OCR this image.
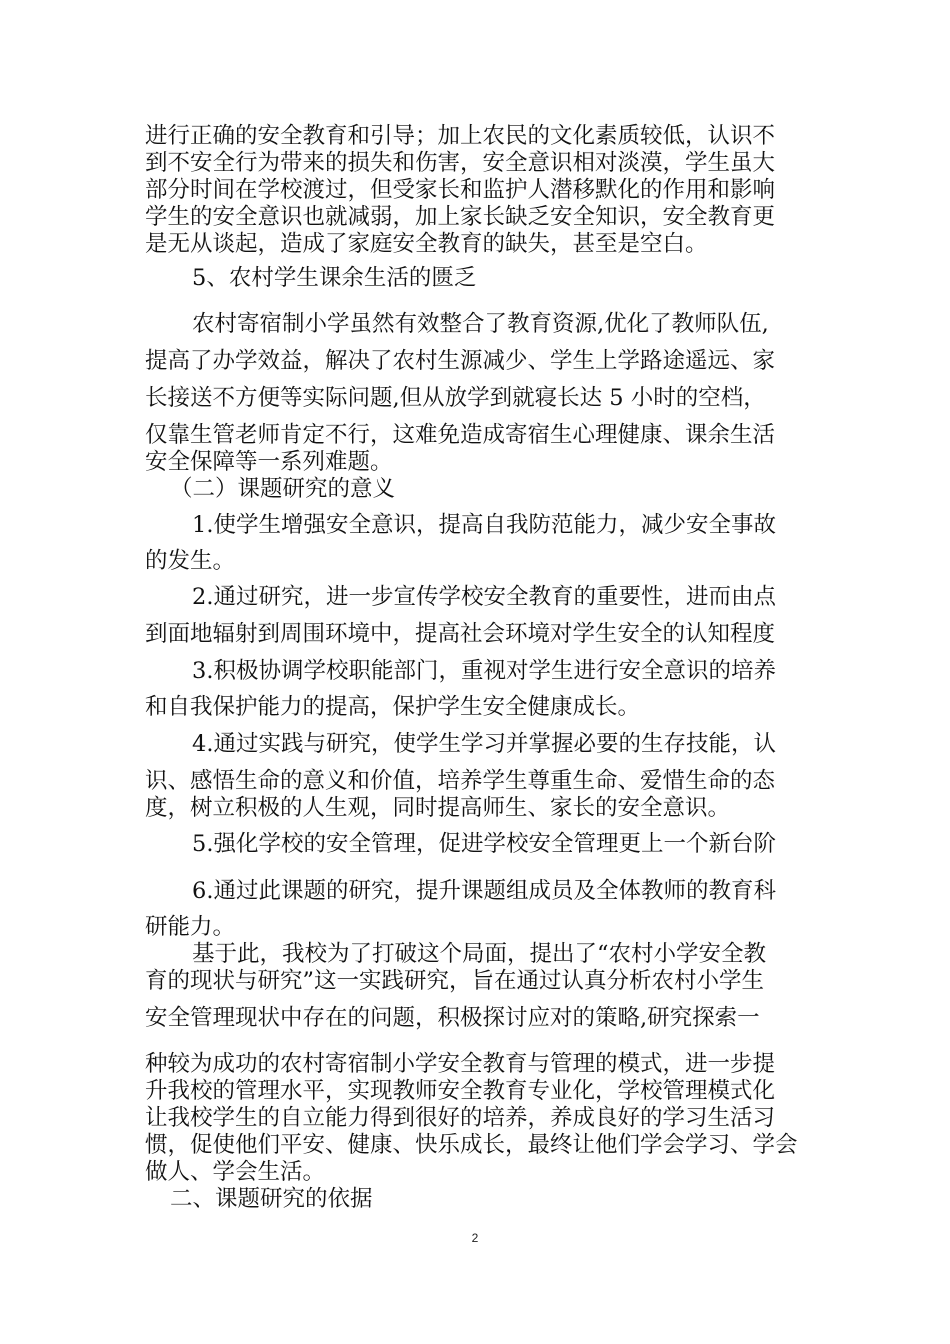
进行正确的安全教育和引导；加上农民的文化素质较低，认识不
到不安全行为带来的损失和伤害，安全意识相对淡漠，学生虽大
部分时间在学校渡过，但受家长和监护人潜移默化的作用和影响
学生的安全意识也就减弱，加上家长缺乏安全知识，安全教育更
是无从谈起，造成了家庭安全教育的缺失，甚至是空白。
5、农村学生课余生活的匮乏
农村寄宿制小学虽然有效整合了教育资源,优化了教师队伍,
提高了办学效益，解决了农村生源减少、学生上学路途遥远、家
长接送不方便等实际问题,但从放学到就寝长达 5 小时的空档，
仅靠生管老师肯定不行，这难免造成寄宿生心理健康、课余生活
安全保障等一系列难题。
（二）课题研究的意义
1.使学生增强安全意识，提高自我防范能力，减少安全事故
的发生。
2.通过研究，进一步宣传学校安全教育的重要性，进而由点
到面地辐射到周围环境中，提高社会环境对学生安全的认知程度
3.积极协调学校职能部门，重视对学生进行安全意识的培养
和自我保护能力的提高，保护学生安全健康成长。
4.通过实践与研究，使学生学习并掌握必要的生存技能，认
识、感悟生命的意义和价值，培养学生尊重生命、爱惜生命的态
度，树立积极的人生观，同时提高师生、家长的安全意识。
5.强化学校的安全管理，促进学校安全管理更上一个新台阶
6.通过此课题的研究，提升课题组成员及全体教师的教育科
研能力。
基于此，我校为了打破这个局面，提出了“农村小学安全教
育的现状与研究”这一实践研究，旨在通过认真分析农村小学生
安全管理现状中存在的问题，积极探讨应对的策略,研究探索一
种较为成功的农村寄宿制小学安全教育与管理的模式，进一步提
升我校的管理水平，实现教师安全教育专业化，学校管理模式化
让我校学生的自立能力得到很好的培养，养成良好的学习生活习
惯，促使他们平安、健康、快乐成长，最终让他们学会学习、学会
做人、学会生活。
二、课题研究的依据
2
